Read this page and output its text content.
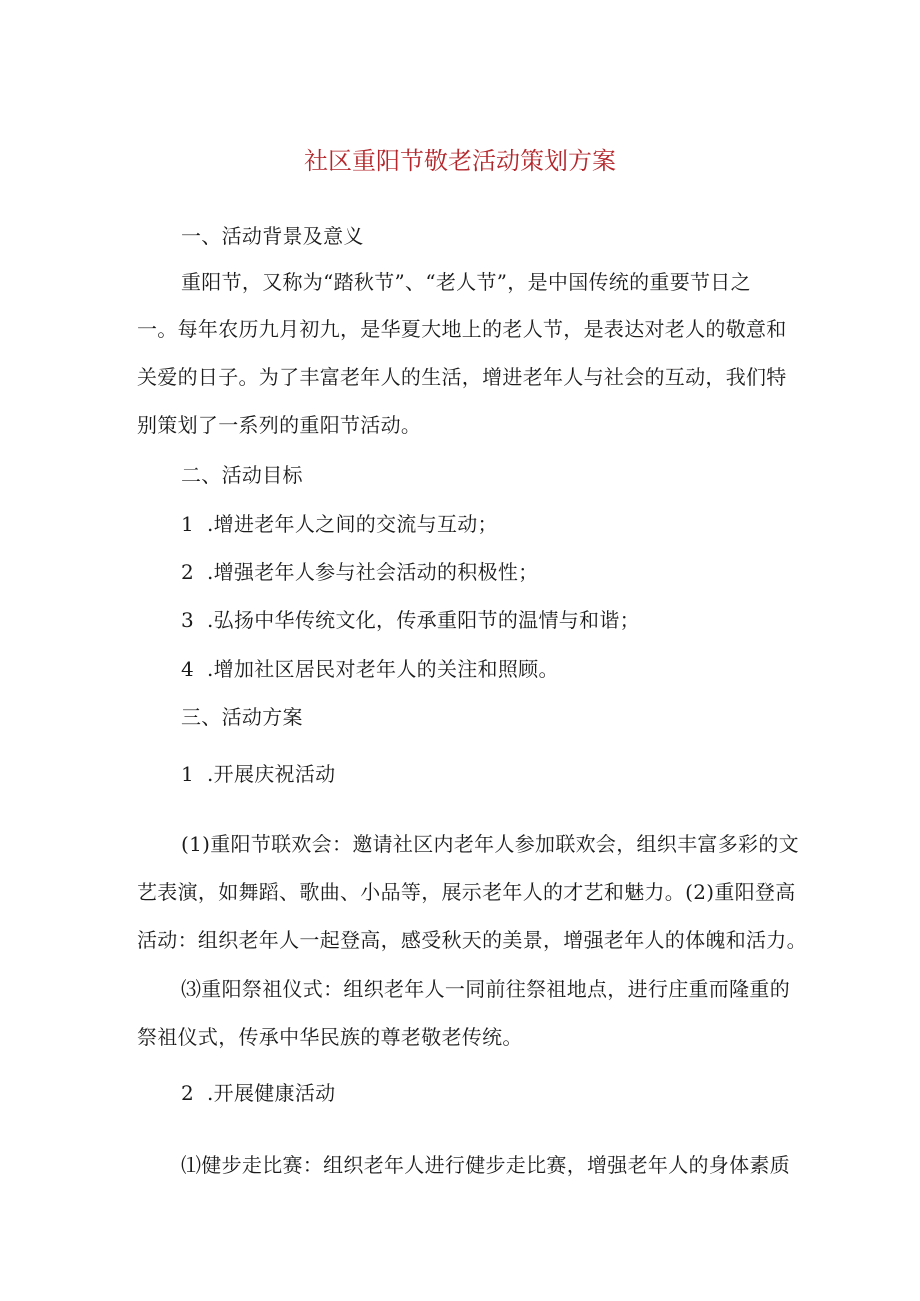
社区重阳节敬老活动策划方案
一、活动背景及意义
重阳节，又称为“踏秋节”、“老人节”，是中国传统的重要节日之
一。每年农历九月初九，是华夏大地上的老人节，是表达对老人的敬意和
关爱的日子。为了丰富老年人的生活，增进老年人与社会的互动，我们特
别策划了一系列的重阳节活动。
二、活动目标
1 .增进老年人之间的交流与互动；
2 .增强老年人参与社会活动的积极性；
3 .弘扬中华传统文化，传承重阳节的温情与和谐；
4 .增加社区居民对老年人的关注和照顾。
三、活动方案
1 .开展庆祝活动
(1)重阳节联欢会：邀请社区内老年人参加联欢会，组织丰富多彩的文
艺表演，如舞蹈、歌曲、小品等，展示老年人的才艺和魅力。(2)重阳登高
活动：组织老年人一起登高，感受秋天的美景，增强老年人的体魄和活力。
⑶重阳祭祖仪式：组织老年人一同前往祭祖地点，进行庄重而隆重的
祭祖仪式，传承中华民族的尊老敬老传统。
2 .开展健康活动
⑴健步走比赛：组织老年人进行健步走比赛，增强老年人的身体素质
